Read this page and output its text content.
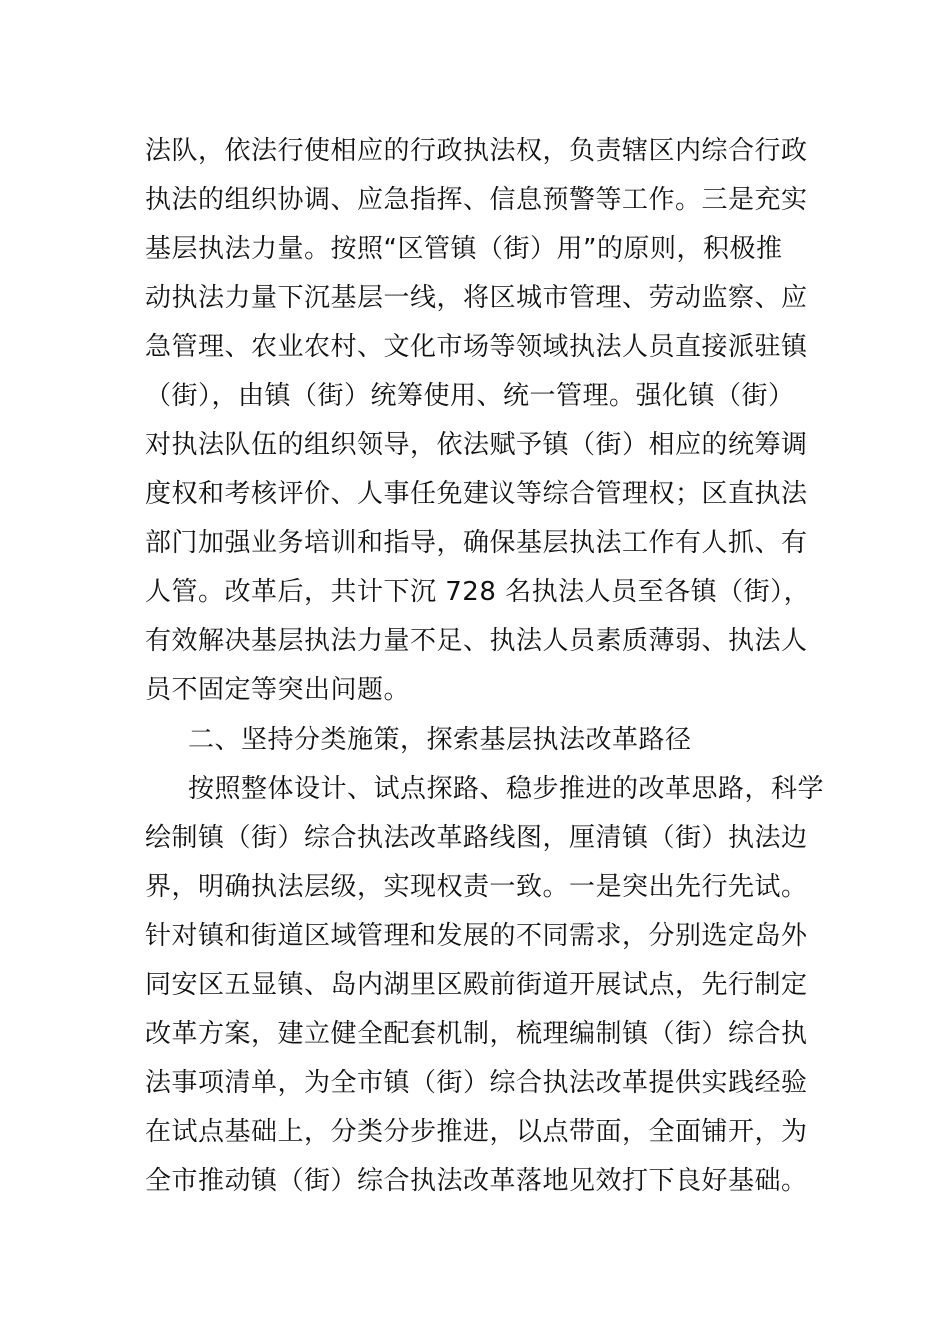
法队，依法行使相应的行政执法权，负责辖区内综合行政
执法的组织协调、应急指挥、信息预警等工作。三是充实
基层执法力量。按照“区管镇（街）用”的原则，积极推
动执法力量下沉基层一线，将区城市管理、劳动监察、应
急管理、农业农村、文化市场等领域执法人员直接派驻镇
（街），由镇（街）统筹使用、统一管理。强化镇（街）
对执法队伍的组织领导，依法赋予镇（街）相应的统筹调
度权和考核评价、人事任免建议等综合管理权；区直执法
部门加强业务培训和指导，确保基层执法工作有人抓、有
人管。改革后，共计下沉 728 名执法人员至各镇（街），
有效解决基层执法力量不足、执法人员素质薄弱、执法人
员不固定等突出问题。
二、坚持分类施策，探索基层执法改革路径
按照整体设计、试点探路、稳步推进的改革思路，科学
绘制镇（街）综合执法改革路线图，厘清镇（街）执法边
界，明确执法层级，实现权责一致。一是突出先行先试。
针对镇和街道区域管理和发展的不同需求，分别选定岛外
同安区五显镇、岛内湖里区殿前街道开展试点，先行制定
改革方案，建立健全配套机制，梳理编制镇（街）综合执
法事项清单，为全市镇（街）综合执法改革提供实践经验
在试点基础上，分类分步推进，以点带面，全面铺开，为
全市推动镇（街）综合执法改革落地见效打下良好基础。
